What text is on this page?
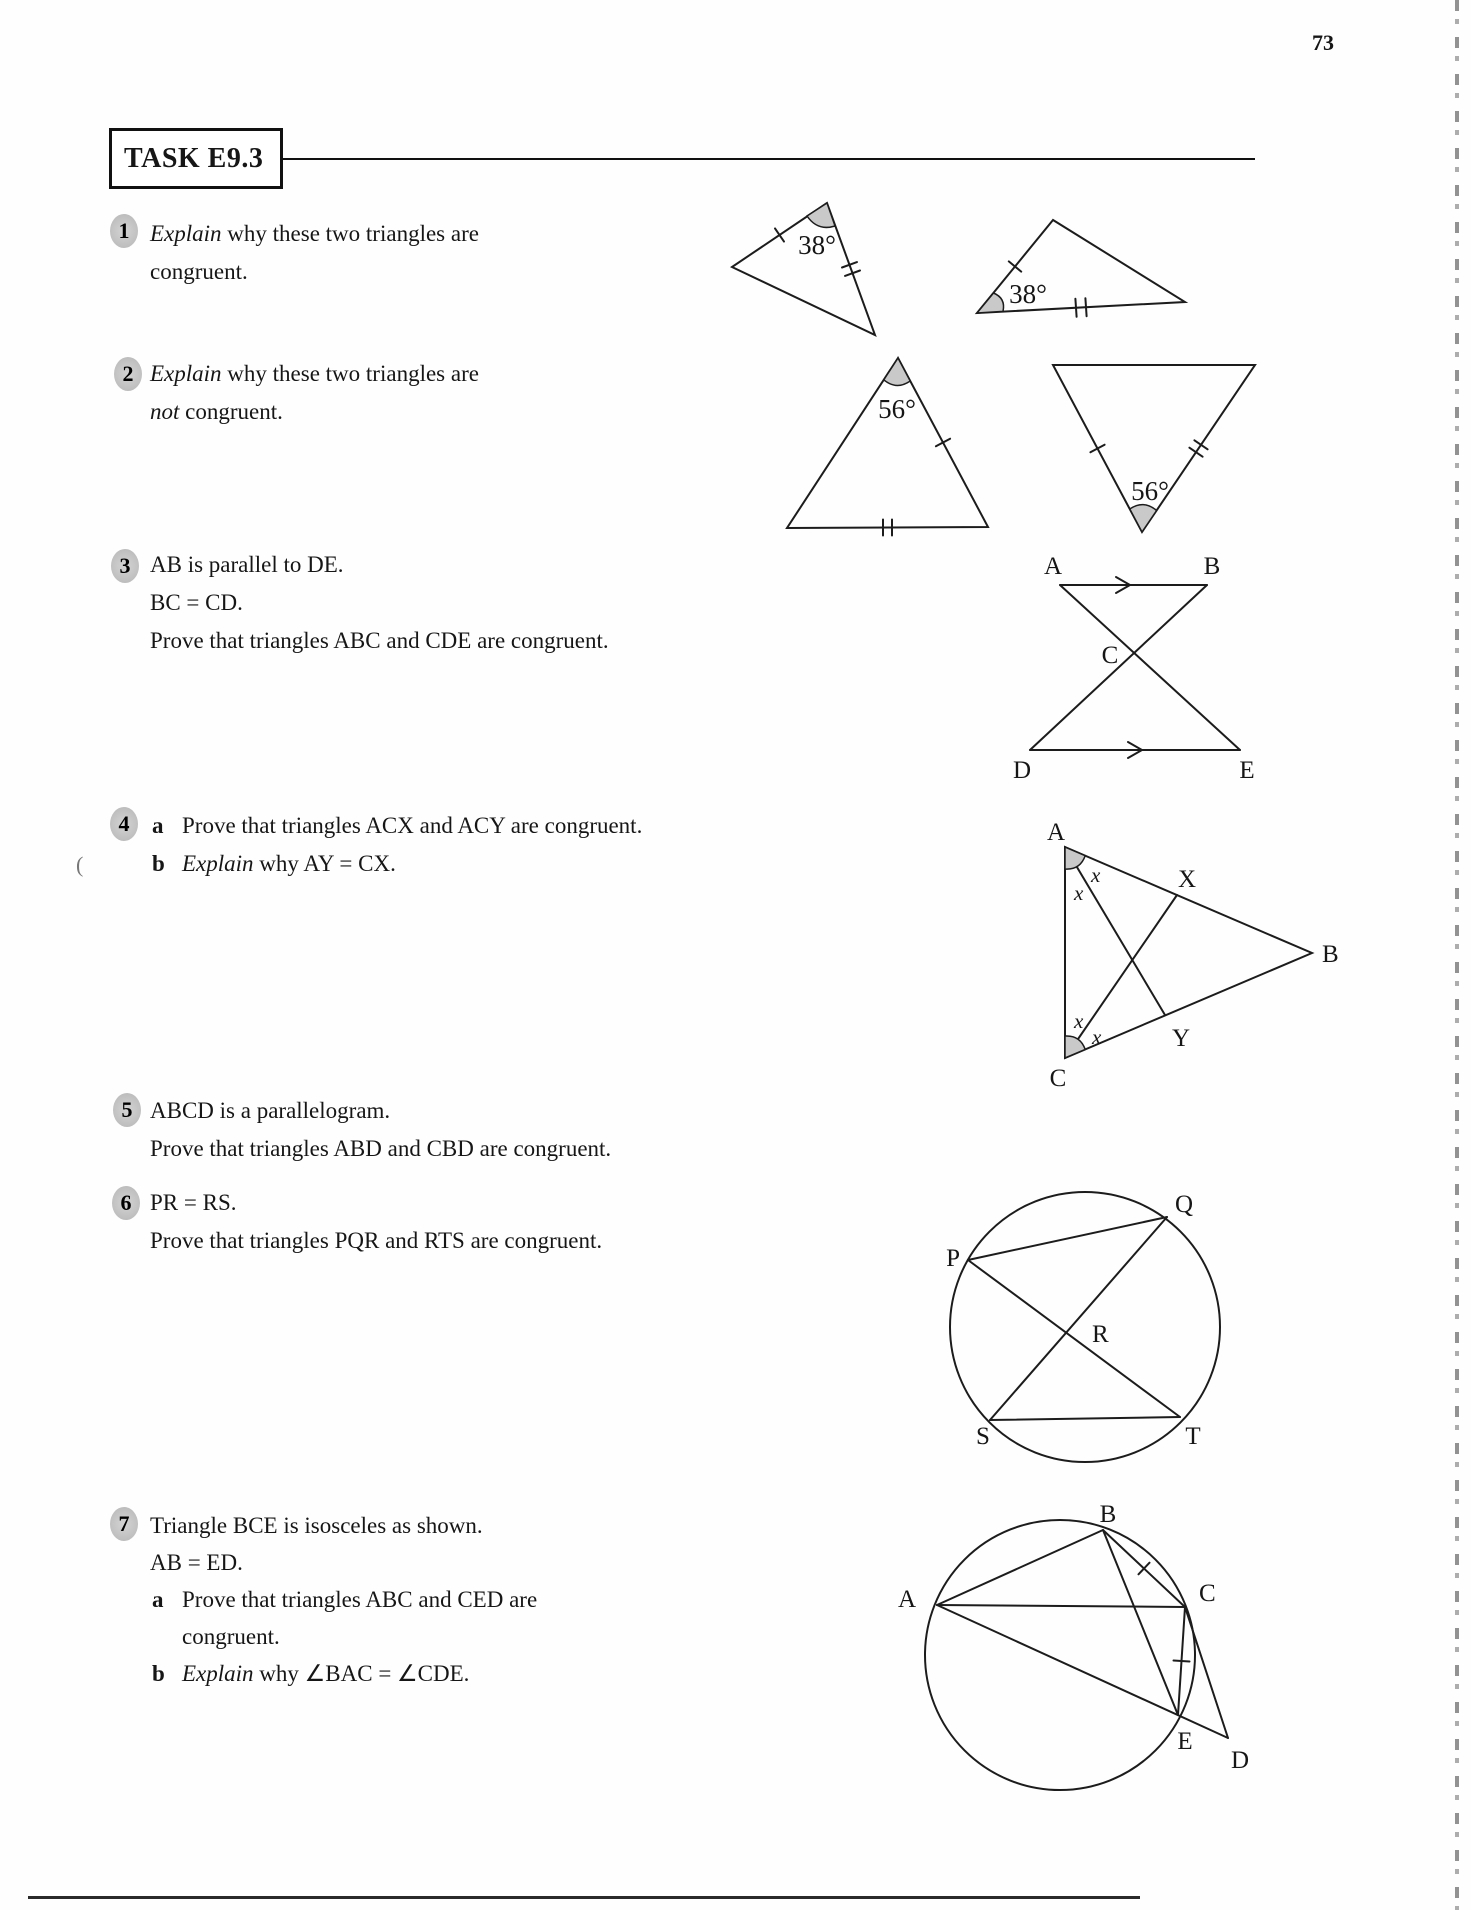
73
(
TASK E9.3
1 Explain why these two triangles are
congruent.
38°
38°
2 Explain why these two triangles are
not congruent.	56°
56°
3 AB is parallel to DE.
BC = CD.
Prove that triangles ABC and CDE are congruent.
A	B
C
D	E
4 a Prove that triangles ACX and ACY are congruent.
b Explain why AY = CX.	x
x
x
x
A
B
C
X
Y
5 ABCD is a parallelogram.
Prove that triangles ABD and CBD are congruent.
6 PR = RS.
Prove that triangles PQR and RTS are congruent.
P
Q
R
S	T
7 Triangle BCE is isosceles as shown.
AB = ED.
a Prove that triangles ABC and CED are
congruent.
b Explain why ∠BAC = ∠CDE.
A
B
C
E
D
